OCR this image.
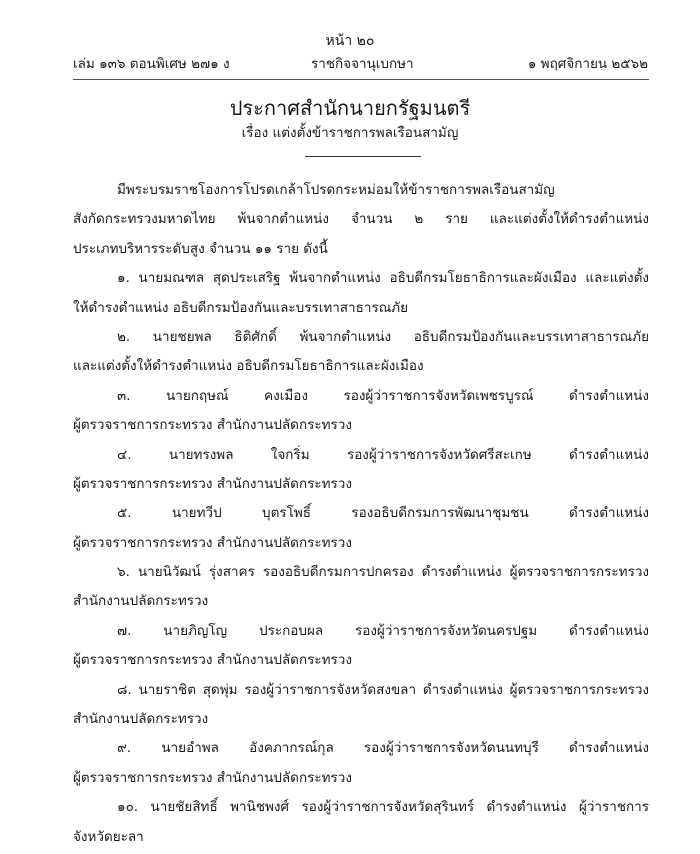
หน้า ๒๐
เล่ม ๑๓๖ ตอนพิเศษ ๒๗๑ ง	ราชกิจจานุเบกษา	๑ พฤศจิกายน ๒๕๖๒
ประกาศสำนักนายกรัฐมนตรี
เรื่อง แต่งตั้งข้าราชการพลเรือนสามัญ
มีพระบรมราชโองการโปรดเกล้าโปรดกระหม่อมให้ข้าราชการพลเรือนสามัญ
สังกัดกระทรวงมหาดไทย พ้นจากตำแหน่ง จำนวน ๒ ราย และแต่งตั้งให้ดำรงตำแหน่ง
ประเภทบริหารระดับสูง จำนวน ๑๑ ราย ดังนี้
๑. นายมณฑล สุดประเสริฐ พ้นจากตำแหน่ง อธิบดีกรมโยธาธิการและผังเมือง และแต่งตั้ง
ให้ดำรงตำแหน่ง อธิบดีกรมป้องกันและบรรเทาสาธารณภัย
๒. นายชยพล ธิติศักดิ์ พ้นจากตำแหน่ง อธิบดีกรมป้องกันและบรรเทาสาธารณภัย
และแต่งตั้งให้ดำรงตำแหน่ง อธิบดีกรมโยธาธิการและผังเมือง
๓. นายกฤษณ์ คงเมือง รองผู้ว่าราชการจังหวัดเพชรบูรณ์ ดำรงตำแหน่ง
ผู้ตรวจราชการกระทรวง สำนักงานปลัดกระทรวง
๔. นายทรงพล ใจกริ่ม รองผู้ว่าราชการจังหวัดศรีสะเกษ ดำรงตำแหน่ง
ผู้ตรวจราชการกระทรวง สำนักงานปลัดกระทรวง
๕. นายทวีป บุตรโพธิ์ รองอธิบดีกรมการพัฒนาชุมชน ดำรงตำแหน่ง
ผู้ตรวจราชการกระทรวง สำนักงานปลัดกระทรวง
๖. นายนิวัฒน์ รุ่งสาคร รองอธิบดีกรมการปกครอง ดำรงตำแหน่ง ผู้ตรวจราชการกระทรวง
สำนักงานปลัดกระทรวง
๗. นายภิญโญ ประกอบผล รองผู้ว่าราชการจังหวัดนครปฐม ดำรงตำแหน่ง
ผู้ตรวจราชการกระทรวง สำนักงานปลัดกระทรวง
๘. นายราชิต สุดพุ่ม รองผู้ว่าราชการจังหวัดสงขลา ดำรงตำแหน่ง ผู้ตรวจราชการกระทรวง
สำนักงานปลัดกระทรวง
๙. นายอำพล อังคภากรณ์กุล รองผู้ว่าราชการจังหวัดนนทบุรี ดำรงตำแหน่ง
ผู้ตรวจราชการกระทรวง สำนักงานปลัดกระทรวง
๑๐. นายชัยสิทธิ์ พานิชพงศ์ รองผู้ว่าราชการจังหวัดสุรินทร์ ดำรงตำแหน่ง ผู้ว่าราชการ
จังหวัดยะลา
